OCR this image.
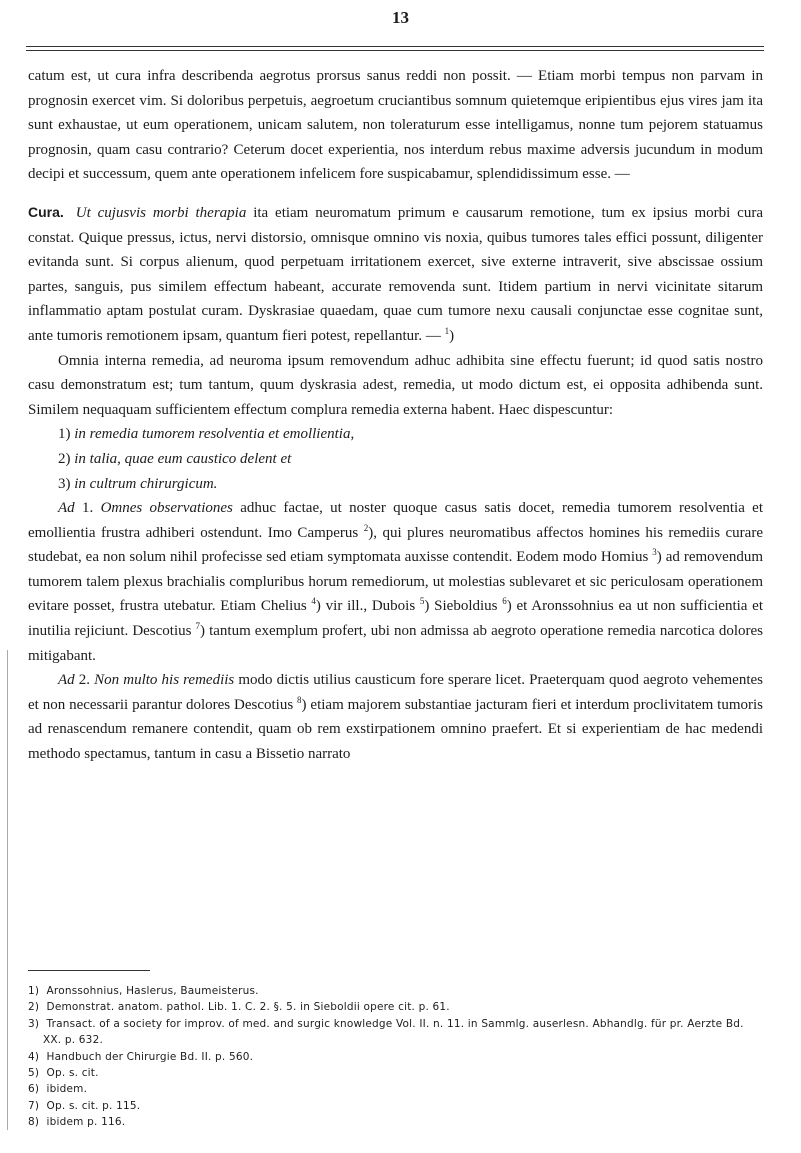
13

catum est, ut cura infra describenda aegrotus prorsus sanus reddi non possit. — Etiam morbi tempus non parvam in prognosin exercet vim. Si doloribus perpetuis, aegroetum cruciantibus somnum quietemque eripientibus ejus vires jam ita sunt exhaustae, ut eum operationem, unicam salutem, non toleraturum esse intelligamus, nonne tum pejorem statuamus prognosin, quam casu contrario? Ceterum docet experientia, nos interdum rebus maxime adversis jucundum in modum decipi et successum, quem ante operationem infelicem fore suspicabamur, splendidissimum esse. —

Cura. Ut cujusvis morbi therapia ita etiam neuromatum primum e causarum remotione, tum ex ipsius morbi cura constat. Quique pressus, ictus, nervi distorsio, omnisque omnino vis noxia, quibus tumores tales effici possunt, diligenter evitanda sunt. Si corpus alienum, quod perpetuam irritationem exercet, sive externe intraverit, sive abscissae ossium partes, sanguis, pus similem effectum habeant, accurate removenda sunt. Itidem partium in nervi vicinitate sitarum inflammatio aptam postulat curam. Dyskrasiae quaedam, quae cum tumore nexu causali conjunctae esse cognitae sunt, ante tumoris remotionem ipsam, quantum fieri potest, repellantur. — $^1$)

Omnia interna remedia, ad neuroma ipsum removendum adhuc adhibita sine effectu fuerunt; id quod satis nostro casu demonstratum est; tum tantum, quum dyskrasia adest, remedia, ut modo dictum est, ei opposita adhibenda sunt. Similem nequaquam sufficientem effectum complura remedia externa habent. Haec dispescuntur:

1) in remedia tumorem resolventia et emollientia,

2) in talia, quae eum caustico delent et

3) in cultrum chirurgicum.

Ad 1. Omnes observationes adhuc factae, ut noster quoque casus satis docet, remedia tumorem resolventia et emollientia frustra adhiberi ostendunt. Imo Camperus $^2$), qui plures neuromatibus affectos homines his remediis curare studebat, ea non solum nihil profecisse sed etiam symptomata auxisse contendit. Eodem modo Homius $^3$) ad removendum tumorem talem plexus brachialis compluribus horum remediorum, ut molestias sublevaret et sic periculosam operationem evitare posset, frustra utebatur. Etiam Chelius $^4$) vir ill., Dubois $^5$) Sieboldius $^6$) et Aronssohnius ea ut non sufficientia et inutilia rejiciunt. Descotius $^7$) tantum exemplum profert, ubi non admissa ab aegroto operatione remedia narcotica dolores mitigabant.

Ad 2. Non multo his remediis modo dictis utilius causticum fore sperare licet. Praeterquam quod aegroto vehementes et non necessarii parantur dolores Descotius $^8$) etiam majorem substantiae jacturam fieri et interdum proclivitatem tumoris ad renascendum remanere contendit, quam ob rem exstirpationem omnino praefert. Et si experientiam de hac medendi methodo spectamus, tantum in casu a Bissetio narrato

1) Aronssohnius, Haslerus, Baumeisterus.

2) Demonstrat. anatom. pathol. Lib. 1. C. 2. §. 5. in Sieboldii opere cit. p. 61.

3) Transact. of a society for improv. of med. and surgic knowledge Vol. II. n. 11. in Sammlg. auserlesn. Abhandlg. für pr. Aerzte Bd. XX. p. 632.

4) Handbuch der Chirurgie Bd. II. p. 560.

5) Op. s. cit.

6) ibidem.

7) Op. s. cit. p. 115.

8) ibidem p. 116.
